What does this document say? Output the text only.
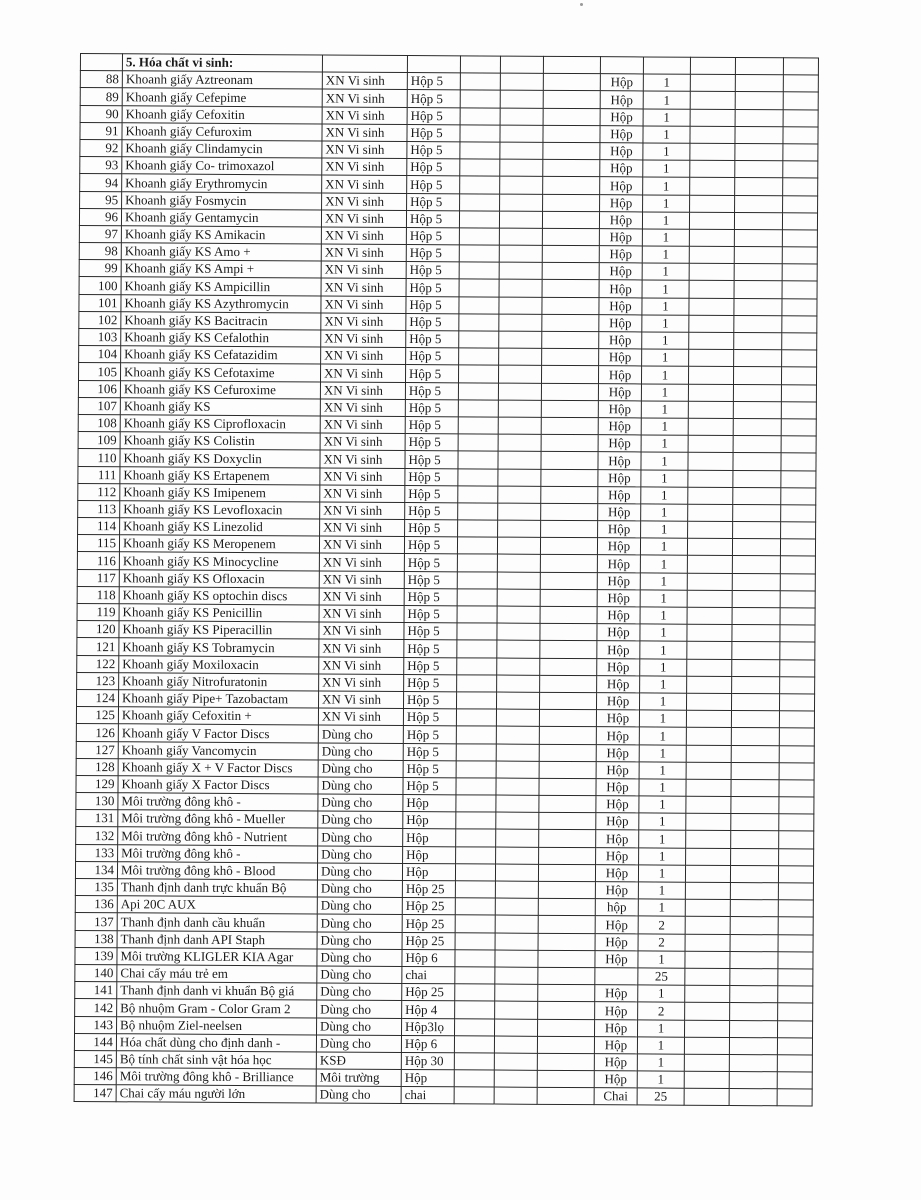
	5. Hóa chất vi sinh:										
88	Khoanh giấy Aztreonam	XN Vi sinh	Hộp 5				Hộp	1			
89	Khoanh giấy Cefepime	XN Vi sinh	Hộp 5				Hộp	1			
90	Khoanh giấy Cefoxitin	XN Vi sinh	Hộp 5				Hộp	1			
91	Khoanh giấy Cefuroxim	XN Vi sinh	Hộp 5				Hộp	1			
92	Khoanh giấy Clindamycin	XN Vi sinh	Hộp 5				Hộp	1			
93	Khoanh giấy Co- trimoxazol	XN Vi sinh	Hộp 5				Hộp	1			
94	Khoanh giấy Erythromycin	XN Vi sinh	Hộp 5				Hộp	1			
95	Khoanh giấy Fosmycin	XN Vi sinh	Hộp 5				Hộp	1			
96	Khoanh giấy Gentamycin	XN Vi sinh	Hộp 5				Hộp	1			
97	Khoanh giấy KS Amikacin	XN Vi sinh	Hộp 5				Hộp	1			
98	Khoanh giấy KS Amo +	XN Vi sinh	Hộp 5				Hộp	1			
99	Khoanh giấy KS Ampi +	XN Vi sinh	Hộp 5				Hộp	1			
100	Khoanh giấy KS Ampicillin	XN Vi sinh	Hộp 5				Hộp	1			
101	Khoanh giấy KS Azythromycin	XN Vi sinh	Hộp 5				Hộp	1			
102	Khoanh giấy KS Bacitracin	XN Vi sinh	Hộp 5				Hộp	1			
103	Khoanh giấy KS Cefalothin	XN Vi sinh	Hộp 5				Hộp	1			
104	Khoanh giấy KS Cefatazidim	XN Vi sinh	Hộp 5				Hộp	1			
105	Khoanh giấy KS Cefotaxime	XN Vi sinh	Hộp 5				Hộp	1			
106	Khoanh giấy KS Cefuroxime	XN Vi sinh	Hộp 5				Hộp	1			
107	Khoanh giấy KS	XN Vi sinh	Hộp 5				Hộp	1			
108	Khoanh giấy KS Ciprofloxacin	XN Vi sinh	Hộp 5				Hộp	1			
109	Khoanh giấy KS Colistin	XN Vi sinh	Hộp 5				Hộp	1			
110	Khoanh giấy KS Doxyclin	XN Vi sinh	Hộp 5				Hộp	1			
111	Khoanh giấy KS Ertapenem	XN Vi sinh	Hộp 5				Hộp	1			
112	Khoanh giấy KS Imipenem	XN Vi sinh	Hộp 5				Hộp	1			
113	Khoanh giấy KS Levofloxacin	XN Vi sinh	Hộp 5				Hộp	1			
114	Khoanh giấy KS Linezolid	XN Vi sinh	Hộp 5				Hộp	1			
115	Khoanh giấy KS Meropenem	XN Vi sinh	Hộp 5				Hộp	1			
116	Khoanh giấy KS Minocycline	XN Vi sinh	Hộp 5				Hộp	1			
117	Khoanh giấy KS Ofloxacin	XN Vi sinh	Hộp 5				Hộp	1			
118	Khoanh giấy KS optochin discs	XN Vi sinh	Hộp 5				Hộp	1			
119	Khoanh giấy KS Penicillin	XN Vi sinh	Hộp 5				Hộp	1			
120	Khoanh giấy KS Piperacillin	XN Vi sinh	Hộp 5				Hộp	1			
121	Khoanh giấy KS Tobramycin	XN Vi sinh	Hộp 5				Hộp	1			
122	Khoanh giấy Moxiloxacin	XN Vi sinh	Hộp 5				Hộp	1			
123	Khoanh giấy Nitrofuratonin	XN Vi sinh	Hộp 5				Hộp	1			
124	Khoanh giấy Pipe+ Tazobactam	XN Vi sinh	Hộp 5				Hộp	1			
125	Khoanh giấy Cefoxitin +	XN Vi sinh	Hộp 5				Hộp	1			
126	Khoanh giấy V Factor Discs	Dùng cho	Hộp 5				Hộp	1			
127	Khoanh giấy Vancomycin	Dùng cho	Hộp 5				Hộp	1			
128	Khoanh giấy X + V Factor Discs	Dùng cho	Hộp 5				Hộp	1			
129	Khoanh giấy X Factor Discs	Dùng cho	Hộp 5				Hộp	1			
130	Môi trường đông khô -	Dùng cho	Hộp				Hộp	1			
131	Môi trường đông khô - Mueller	Dùng cho	Hộp				Hộp	1			
132	Môi trường đông khô - Nutrient	Dùng cho	Hộp				Hộp	1			
133	Môi trường đông khô -	Dùng cho	Hộp				Hộp	1			
134	Môi trường đông khô - Blood	Dùng cho	Hộp				Hộp	1			
135	Thanh định danh trực khuẩn Bộ	Dùng cho	Hộp 25				Hộp	1			
136	Api 20C AUX	Dùng cho	Hộp 25				hộp	1			
137	Thanh định danh cầu khuẩn	Dùng cho	Hộp 25				Hộp	2			
138	Thanh định danh API Staph	Dùng cho	Hộp 25				Hộp	2			
139	Môi trường KLIGLER KIA Agar	Dùng cho	Hộp 6				Hộp	1			
140	Chai cấy máu trẻ em	Dùng cho	chai					25			
141	Thanh định danh vi khuẩn Bộ giá	Dùng cho	Hộp 25				Hộp	1			
142	Bộ nhuộm Gram - Color Gram 2	Dùng cho	Hộp 4				Hộp	2			
143	Bộ nhuộm Ziel-neelsen	Dùng cho	Hộp3lọ				Hộp	1			
144	Hóa chất dùng cho định danh -	Dùng cho	Hộp 6				Hộp	1			
145	Bộ tính chất sinh vật hóa học	KSĐ	Hộp 30				Hộp	1			
146	Môi trường đông khô - Brilliance	Môi trường	Hộp				Hộp	1			
147	Chai cấy máu người lớn	Dùng cho	chai				Chai	25			
